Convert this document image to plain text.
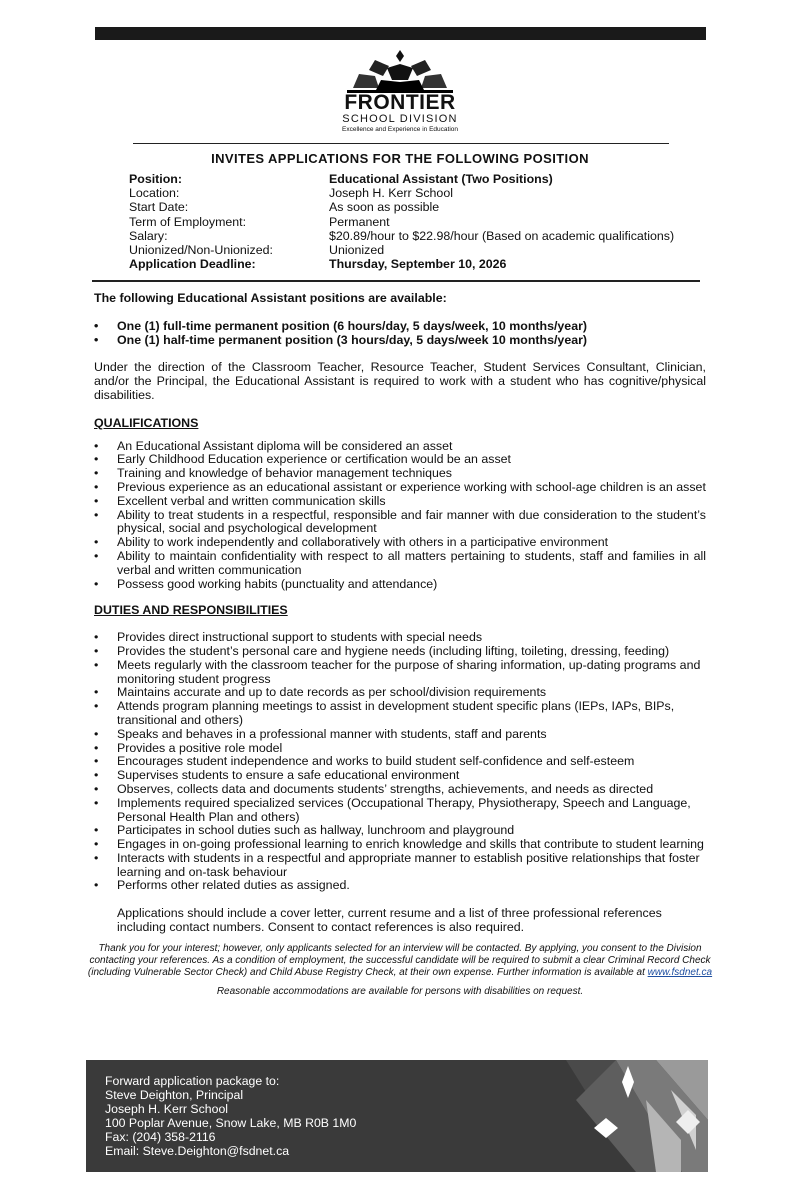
FRONTIER
SCHOOL DIVISION
Excellence and Experience in Education
INVITES APPLICATIONS FOR THE FOLLOWING POSITION
Position:	Educational Assistant (Two Positions)
Location:	Joseph H. Kerr School
Start Date:	As soon as possible
Term of Employment:	Permanent
Salary:	$20.89/hour to $22.98/hour (Based on academic qualifications)
Unionized/Non-Unionized:	Unionized
Application Deadline:	Thursday, September 10, 2026
The following Educational Assistant positions are available:
• One (1) full-time permanent position (6 hours/day, 5 days/week, 10 months/year)
• One (1) half-time permanent position (3 hours/day, 5 days/week 10 months/year)
Under the direction of the Classroom Teacher, Resource Teacher, Student Services Consultant, Clinician, and/or the Principal, the Educational Assistant is required to work with a student who has cognitive/physical disabilities.
QUALIFICATIONS
• An Educational Assistant diploma will be considered an asset
• Early Childhood Education experience or certification would be an asset
• Training and knowledge of behavior management techniques
• Previous experience as an educational assistant or experience working with school-age children is an asset
• Excellent verbal and written communication skills
• Ability to treat students in a respectful, responsible and fair manner with due consideration to the student’s physical, social and psychological development
• Ability to work independently and collaboratively with others in a participative environment
• Ability to maintain confidentiality with respect to all matters pertaining to students, staff and families in all verbal and written communication
• Possess good working habits (punctuality and attendance)
DUTIES AND RESPONSIBILITIES
• Provides direct instructional support to students with special needs
• Provides the student’s personal care and hygiene needs (including lifting, toileting, dressing, feeding)
• Meets regularly with the classroom teacher for the purpose of sharing information, up-dating programs and monitoring student progress
• Maintains accurate and up to date records as per school/division requirements
• Attends program planning meetings to assist in development student specific plans (IEPs, IAPs, BIPs, transitional and others)
• Speaks and behaves in a professional manner with students, staff and parents
• Provides a positive role model
• Encourages student independence and works to build student self-confidence and self-esteem
• Supervises students to ensure a safe educational environment
• Observes, collects data and documents students’ strengths, achievements, and needs as directed
• Implements required specialized services (Occupational Therapy, Physiotherapy, Speech and Language, Personal Health Plan and others)
• Participates in school duties such as hallway, lunchroom and playground
• Engages in on-going professional learning to enrich knowledge and skills that contribute to student learning
• Interacts with students in a respectful and appropriate manner to establish positive relationships that foster learning and on-task behaviour
• Performs other related duties as assigned.
Applications should include a cover letter, current resume and a list of three professional references including contact numbers. Consent to contact references is also required.
Thank you for your interest; however, only applicants selected for an interview will be contacted. By applying, you consent to the Division contacting your references. As a condition of employment, the successful candidate will be required to submit a clear Criminal Record Check (including Vulnerable Sector Check) and Child Abuse Registry Check, at their own expense. Further information is available at www.fsdnet.ca
Reasonable accommodations are available for persons with disabilities on request.
Forward application package to:
Steve Deighton, Principal
Joseph H. Kerr School
100 Poplar Avenue, Snow Lake, MB R0B 1M0
Fax: (204) 358-2116
Email: Steve.Deighton@fsdnet.ca
